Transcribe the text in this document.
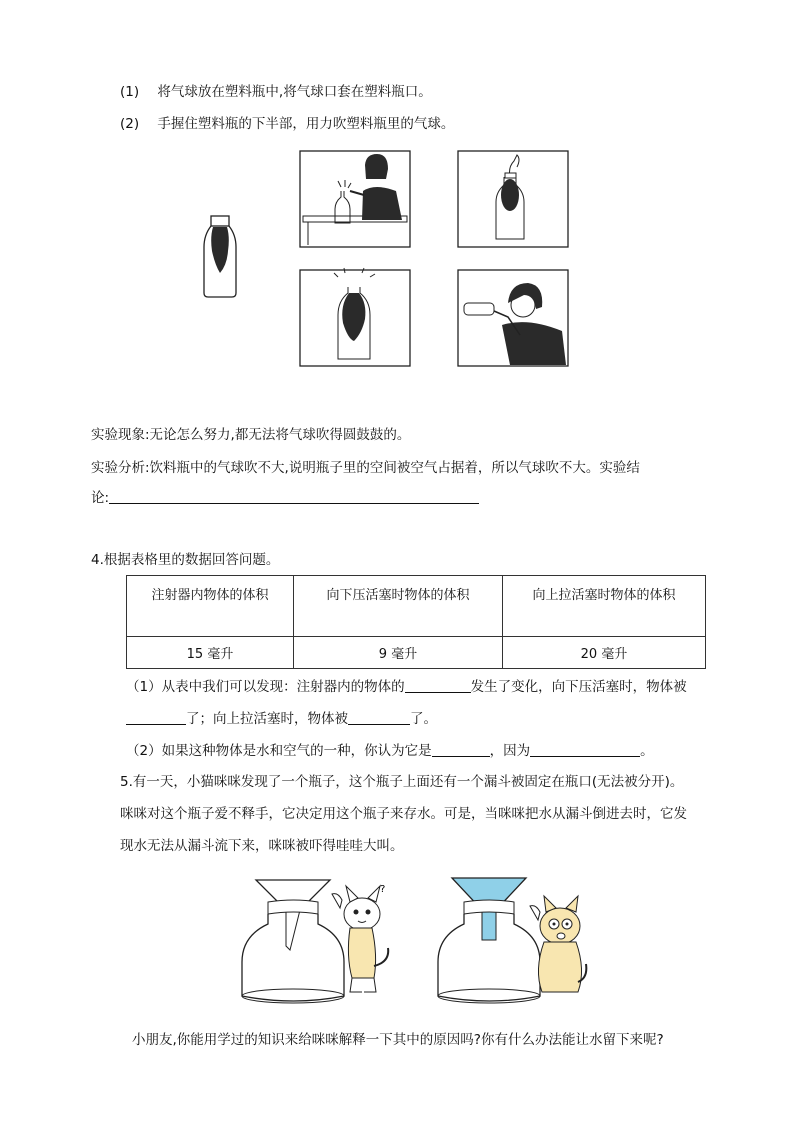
(1) 将气球放在塑料瓶中,将气球口套在塑料瓶口。
(2) 手握住塑料瓶的下半部，用力吹塑料瓶里的气球。
实验现象:无论怎么努力,都无法将气球吹得圆鼓鼓的。
实验分析:饮料瓶中的气球吹不大,说明瓶子里的空间被空气占据着，所以气球吹不大。实验结
论:
4.根据表格里的数据回答问题。
注射器内物体的体积	向下压活塞时物体的体积	向上拉活塞时物体的体积

15 毫升	9 毫升	20 毫升
（1）从表中我们可以发现：注射器内的物体的	发生了变化，向下压活塞时，物体被
了；向上拉活塞时，物体被	了。
（2）如果这种物体是水和空气的一种，你认为它是	，因为	。
5.有一天，小猫咪咪发现了一个瓶子，这个瓶子上面还有一个漏斗被固定在瓶口(无法被分开)。
咪咪对这个瓶子爱不释手，它决定用这个瓶子来存水。可是，当咪咪把水从漏斗倒进去时，它发
现水无法从漏斗流下来，咪咪被吓得哇哇大叫。
?
小朋友,你能用学过的知识来给咪咪解释一下其中的原因吗?你有什么办法能让水留下来呢?
